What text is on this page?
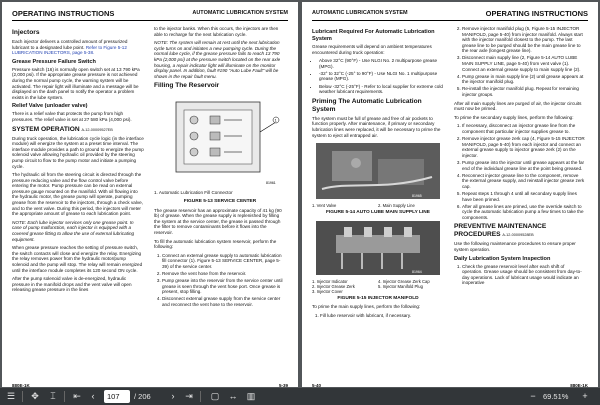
OPERATING INSTRUCTIONS	AUTOMATIC LUBRICATION SYSTEM
Injectors

Each injector delivers a controlled amount of pressurized lubricant to a designated lube point. Refer to Figure 5-12 LUBRICATION INJECTORS, page 5-38.

Grease Pressure Failure Switch

Pressure switch (16) is normally open switch set at 13 790 kPa (2,000 psi). If the appropriate grease pressure is not achieved during the normal pump cycle, the warning system will be activated. The repair light will illuminate and a message will be displayed on the dash panel to notify the operator a problem exists in the lube system.

Relief Valve (unloader valve)

There is a relief valve that protects the pump from high pressures. The relief valve is set at 27 580 kPa (4,000 psi).

SYSTEM OPERATION A-12-00009527EB

During truck operation, the lubrication cycle logic (in the interface module) will energize the system at a preset time interval. The interface module provides a path to ground to energize the pump solenoid valve allowing hydraulic oil provided by the steering pump circuit to flow to the pump motor and initiate a pumping cycle.

The hydraulic oil from the steering circuit is directed through the pressure reducing valve and the flow control valve before entering the motor. Pump pressure can be read on external pressure gauge mounted on the manifold. With oil flowing into the hydraulic motor, the grease pump will operate, pumping grease from the reservoir to the injectors, through a check valve, and to the vent valve. During this period, the injectors will meter the appropriate amount of grease to each lubrication point.

NOTE: Each lube injector services only one grease point. In case of pump malfunction, each injector is equipped with a covered grease fitting to allow the use of external lubricating equipment.

When grease pressure reaches the setting of pressure switch, the switch contacts will close and energize the relay. Energizing the relay removes power from the hydraulic motor/pump solenoid and the pump will stop. The relay will remain energized until the interface module completes its 120 second ON cycle.

After the pump solenoid valve is de-energized, hydraulic pressure in the manifold drops and the vent valve will open releasing grease pressure in the lines

to the injector banks. When this occurs, the injectors are then able to recharge for the next lubrication cycle.

NOTE: The system will remain at rest until the next lubrication cycle turns on and initiates a new pumping cycle. During the normal lube cycle, if the grease pressure fails to reach 13 790 kPa (2,000 psi) at the pressure switch located on the rear axle housing, a repair indicator light will illuminate on the monitor display panel. In addition, fault #190 "Auto Lube Fault" will be shown in the repair fault menu.

Filling The Reservoir
1
81961

1. Automatic Lubrication Fill Connector

FIGURE 5-13 SERVICE CENTER

The grease reservoir has an approximate capacity of 41 kg (90 lb) of grease. When the grease supply is replenished by filling the system at the service center, the grease is passed through the filter to remove contaminants before it flows into the reservoir.

To fill the automatic lubrication system reservoir, perform the following:

1. Connect an external grease supply to automatic lubrication fill connector (1). Figure 5-13 SERVICE CENTER, page 5-39) of the service center.
2. Remove the vent hose from the reservoir.
3. Pump grease into the reservoir from the service center until grease is seen through the vent hose port. Once grease is present, stop filling.
4. Disconnect external grease supply from the service center and reconnect the vent hose to the reservoir.
880E-1K	5-39
AUTOMATIC LUBRICATION SYSTEM	OPERATING INSTRUCTIONS
Lubricant Required For Automatic Lubrication System

Grease requirements will depend on ambient temperatures encountered during truck operation:

• Above 32°C (90°F) - Use NLGI No. 2 multipurpose grease (MPG).
• -32° to 32°C (-25° to 90°F) - Use NLGI No. 1 multipurpose grease (MPG).
• Below -32°C (-25°F) - Refer to local supplier for extreme cold weather lubricant requirements.
Priming The Automatic Lubrication System

The system must be full of grease and free of air pockets to function properly. After maintenance, if primary or secondary lubrication lines were replaced, it will be necessary to prime the system to eject all entrapped air.

81965
1. Vent Valve	2. Main Supply Line

FIGURE 5-14 AUTO LUBE MAIN SUPPLY LINE

81964
1. Injector Indicator	4. Injector Grease Zerk Cap
2. Injector Grease Zerk	5. Injector Manifold Plug
3. Injector Cover

FIGURE 5-15 INJECTOR MANIFOLD

To prime the main supply lines, perform the following:

1. Fill lube reservoir with lubricant, if necessary.
2. Remove injector manifold plug (5, Figure 5-15 INJECTOR MANIFOLD, page 5-40) from injector manifold. Always start with the injector manifold closest to the pump. The last grease line to be purged should be the main grease line to the rear axle (longest grease line).
3. Disconnect main supply line (2, Figure 5-14 AUTO LUBE MAIN SUPPLY LINE, page 5-40) from vent valve (1). Connect an external grease supply to main supply line (2).
4. Pump grease in main supply line (2) until grease appears at the injector manifold plug.
5. Re-install the injector manifold plug. Repeat for remaining injector groups.

After all main supply lines are purged of air, the injector circuits must now be primed.

To prime the secondary supply lines, perform the following:

1. If necessary, disconnect an injector grease line from the component that particular injector supplies grease to.
2. Remove injector grease zerk cap (4, Figure 5-15 INJECTOR MANIFOLD, page 5-40) from each injector and connect an external grease supply to injector grease zerk (2) on the injector.
3. Pump grease into the injector until grease appears at the far end of the individual grease line at the point being greased.
4. Reconnect injector grease line to the component, remove the external grease supply, and reinstall injector grease zerk cap.
5. Repeat steps 1 through 4 until all secondary supply lines have been primed.
6. After all grease lines are primed, use the override switch to cycle the automatic lubrication pump a few times to take the components.
PREVENTIVE MAINTENANCE PROCEDURES A-12-00009528EB

Use the following maintenance procedures to ensure proper system operation.

Daily Lubrication System Inspection
1. Check the grease reservoir level after each shift of operation. Grease usage should be consistent from day-to-day operations. Lack of lubricant usage would indicate an inoperative
5-40	880E-1K
☰	✥	⌶	⇤	‹	107	/ 206	›	⇥	▢	↔	▥	− 69.51%	+
